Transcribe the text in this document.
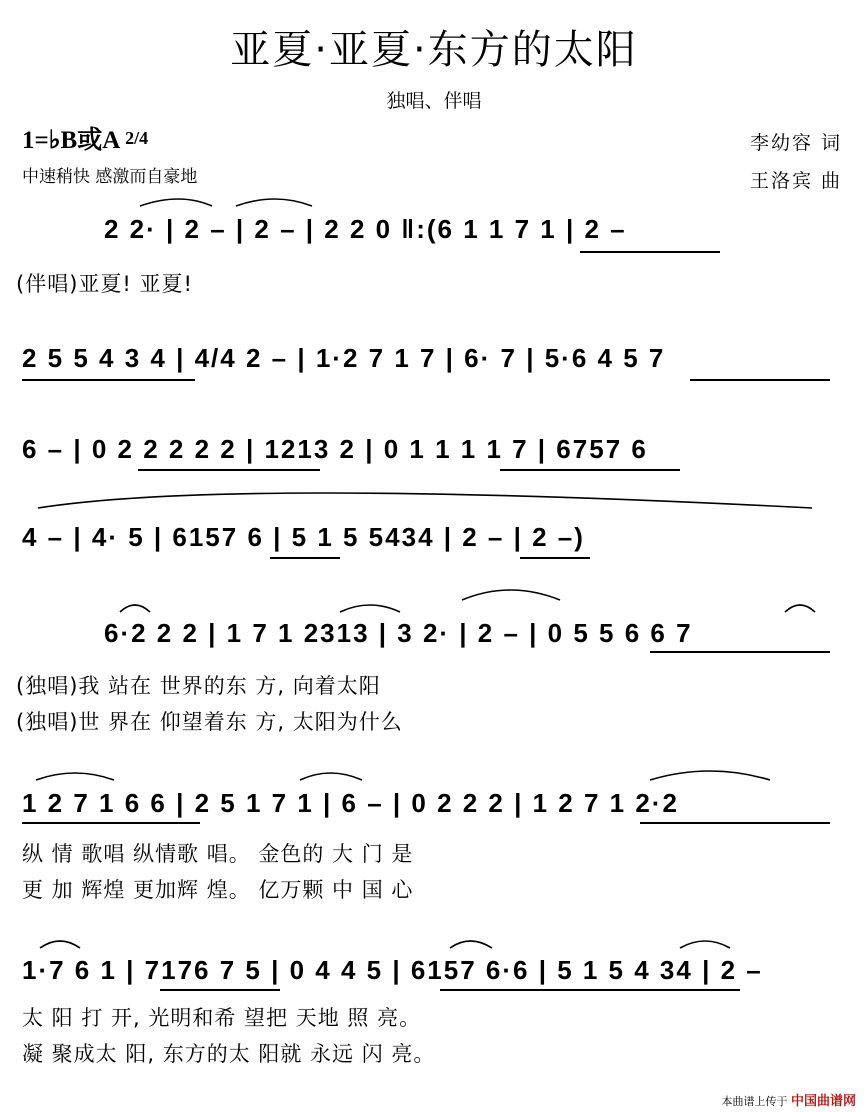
亚夏·亚夏·东方的太阳
独唱、伴唱
1=♭B或A 2/4
中速稍快 感激而自豪地
李幼容 词
王洛宾 曲
2 2· | 2 – | 2 – | 2 2 0 ‖:(6 1 1 7 1 | 2 –
(伴唱)亚夏! 亚夏!
2 5 5 4 3 4 | 4/4 2 – | 1·2 7 1 7 | 6· 7 | 5·6 4 5 7
6 – | 0 2 2 2 2 2 | 1213 2 | 0 1 1 1 1 7 | 6757 6
4 – | 4· 5 | 6157 6 | 5 1 5 5434 | 2 – | 2 –)
6·2 2 2 | 1 7 1 2313 | 3 2· | 2 – | 0 5 5 6 6 7
(独唱)我 站在 世界的东 方, 向着太阳
(独唱)世 界在 仰望着东 方, 太阳为什么
1 2 7 1 6 6 | 2 5 1 7 1 | 6 – | 0 2 2 2 | 1 2 7 1 2·2
纵 情 歌唱 纵情歌 唱。 金色的 大 门 是
更 加 辉煌 更加辉 煌。 亿万颗 中 国 心
1·7 6 1 | 7176 7 5 | 0 4 4 5 | 6157 6·6 | 5 1 5 4 34 | 2 –
太 阳 打 开, 光明和希 望把 天地 照 亮。
凝 聚成太 阳, 东方的太 阳就 永远 闪 亮。
本曲谱上传于 中国曲谱网
